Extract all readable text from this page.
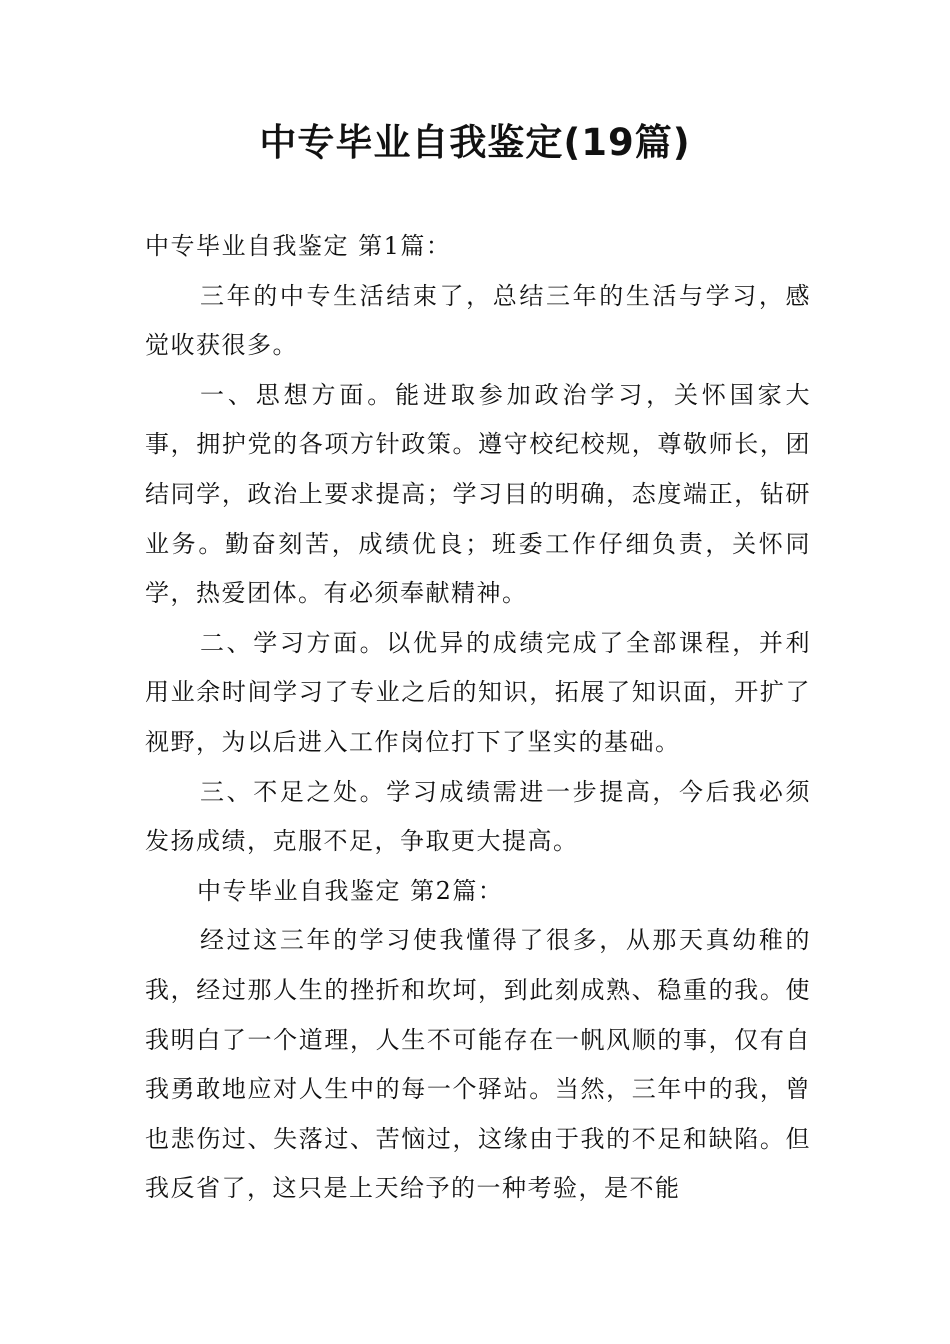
中专毕业自我鉴定(19篇)

中专毕业自我鉴定 第1篇：

三年的中专生活结束了，总结三年的生活与学习，感觉收获很多。

一、思想方面。能进取参加政治学习，关怀国家大事，拥护党的各项方针政策。遵守校纪校规，尊敬师长，团结同学，政治上要求提高；学习目的明确，态度端正，钻研业务。勤奋刻苦，成绩优良；班委工作仔细负责，关怀同学，热爱团体。有必须奉献精神。

二、学习方面。以优异的成绩完成了全部课程，并利用业余时间学习了专业之后的知识，拓展了知识面，开扩了视野，为以后进入工作岗位打下了坚实的基础。

三、不足之处。学习成绩需进一步提高，今后我必须发扬成绩，克服不足，争取更大提高。

中专毕业自我鉴定 第2篇：

经过这三年的学习使我懂得了很多，从那天真幼稚的我，经过那人生的挫折和坎坷，到此刻成熟、稳重的我。使我明白了一个道理，人生不可能存在一帆风顺的事，仅有自我勇敢地应对人生中的每一个驿站。当然，三年中的我，曾也悲伤过、失落过、苦恼过，这缘由于我的不足和缺陷。但我反省了，这只是上天给予的一种考验，是不能
